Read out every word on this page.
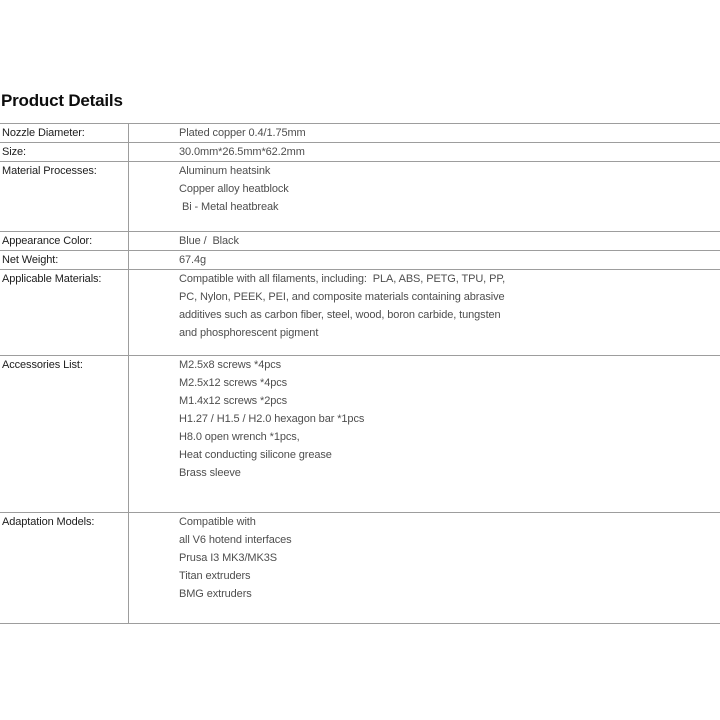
Product Details
Nozzle Diameter:	Plated copper 0.4/1.75mm
Size:	30.0mm*26.5mm*62.2mm
Material Processes:	Aluminum heatsink
Copper alloy heatblock
Bi - Metal heatbreak
Appearance Color:	Blue /  Black
Net Weight:	67.4g
Applicable Materials:	Compatible with all filaments, including:  PLA, ABS, PETG, TPU, PP,
PC, Nylon, PEEK, PEI, and composite materials containing abrasive
additives such as carbon fiber, steel, wood, boron carbide, tungsten
and phosphorescent pigment
Accessories List:	M2.5x8 screws *4pcs
M2.5x12 screws *4pcs
M1.4x12 screws *2pcs
H1.27 / H1.5 / H2.0 hexagon bar *1pcs
H8.0 open wrench *1pcs,
Heat conducting silicone grease
Brass sleeve
Adaptation Models:	Compatible with
all V6 hotend interfaces
Prusa I3 MK3/MK3S
Titan extruders
BMG extruders
